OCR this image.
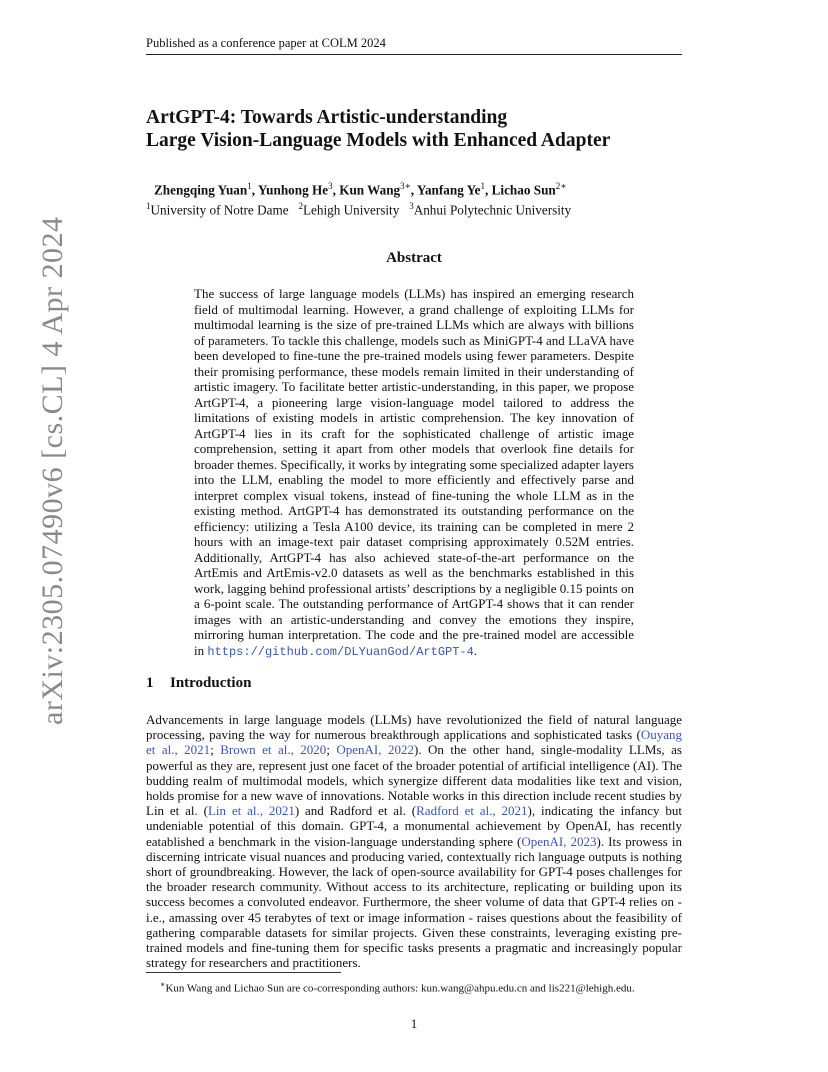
Published as a conference paper at COLM 2024
arXiv:2305.07490v6 [cs.CL] 4 Apr 2024
ArtGPT-4: Towards Artistic-understanding
Large Vision-Language Models with Enhanced Adapter
Zhengqing Yuan$^1$, Yunhong He$^3$, Kun Wang$^{3∗}$, Yanfang Ye$^1$, Lichao Sun$^{2∗}$
$^1$University of Notre Dame $^2$Lehigh University $^3$Anhui Polytechnic University
Abstract
The success of large language models (LLMs) has inspired an emerging research field of multimodal learning. However, a grand challenge of exploiting LLMs for multimodal learning is the size of pre-trained LLMs which are always with billions of parameters. To tackle this challenge, models such as MiniGPT-4 and LLaVA have been developed to fine-tune the pre-trained models using fewer parameters. Despite their promising performance, these models remain limited in their understanding of artistic imagery. To facilitate better artistic-understanding, in this paper, we propose ArtGPT-4, a pioneering large vision-language model tailored to address the limitations of existing models in artistic comprehension. The key innovation of ArtGPT-4 lies in its craft for the sophisticated challenge of artistic image comprehension, setting it apart from other models that overlook fine details for broader themes. Specifically, it works by integrating some specialized adapter layers into the LLM, enabling the model to more efficiently and effectively parse and interpret complex visual tokens, instead of fine-tuning the whole LLM as in the existing method. ArtGPT-4 has demonstrated its outstanding performance on the efficiency: utilizing a Tesla A100 device, its training can be completed in mere 2 hours with an image-text pair dataset comprising approximately 0.52M entries. Additionally, ArtGPT-4 has also achieved state-of-the-art performance on the ArtEmis and ArtEmis-v2.0 datasets as well as the benchmarks established in this work, lagging behind professional artists’ descriptions by a negligible 0.15 points on a 6-point scale. The outstanding performance of ArtGPT-4 shows that it can render images with an artistic-understanding and convey the emotions they inspire, mirroring human interpretation. The code and the pre-trained model are accessible in https://github.com/DLYuanGod/ArtGPT-4.
1 Introduction
Advancements in large language models (LLMs) have revolutionized the field of natural language processing, paving the way for numerous breakthrough applications and sophisticated tasks (Ouyang et al., 2021; Brown et al., 2020; OpenAI, 2022). On the other hand, single-modality LLMs, as powerful as they are, represent just one facet of the broader potential of artificial intelligence (AI). The budding realm of multimodal models, which synergize different data modalities like text and vision, holds promise for a new wave of innovations. Notable works in this direction include recent studies by Lin et al. (Lin et al., 2021) and Radford et al. (Radford et al., 2021), indicating the infancy but undeniable potential of this domain. GPT-4, a monumental achievement by OpenAI, has recently eatablished a benchmark in the vision-language understanding sphere (OpenAI, 2023). Its prowess in discerning intricate visual nuances and producing varied, contextually rich language outputs is nothing short of groundbreaking. However, the lack of open-source availability for GPT-4 poses challenges for the broader research community. Without access to its architecture, replicating or building upon its success becomes a convoluted endeavor. Furthermore, the sheer volume of data that GPT-4 relies on - i.e., amassing over 45 terabytes of text or image information - raises questions about the feasibility of gathering comparable datasets for similar projects. Given these constraints, leveraging existing pre-trained models and fine-tuning them for specific tasks presents a pragmatic and increasingly popular strategy for researchers and practitioners.
∗Kun Wang and Lichao Sun are co-corresponding authors: kun.wang@ahpu.edu.cn and lis221@lehigh.edu.
1
